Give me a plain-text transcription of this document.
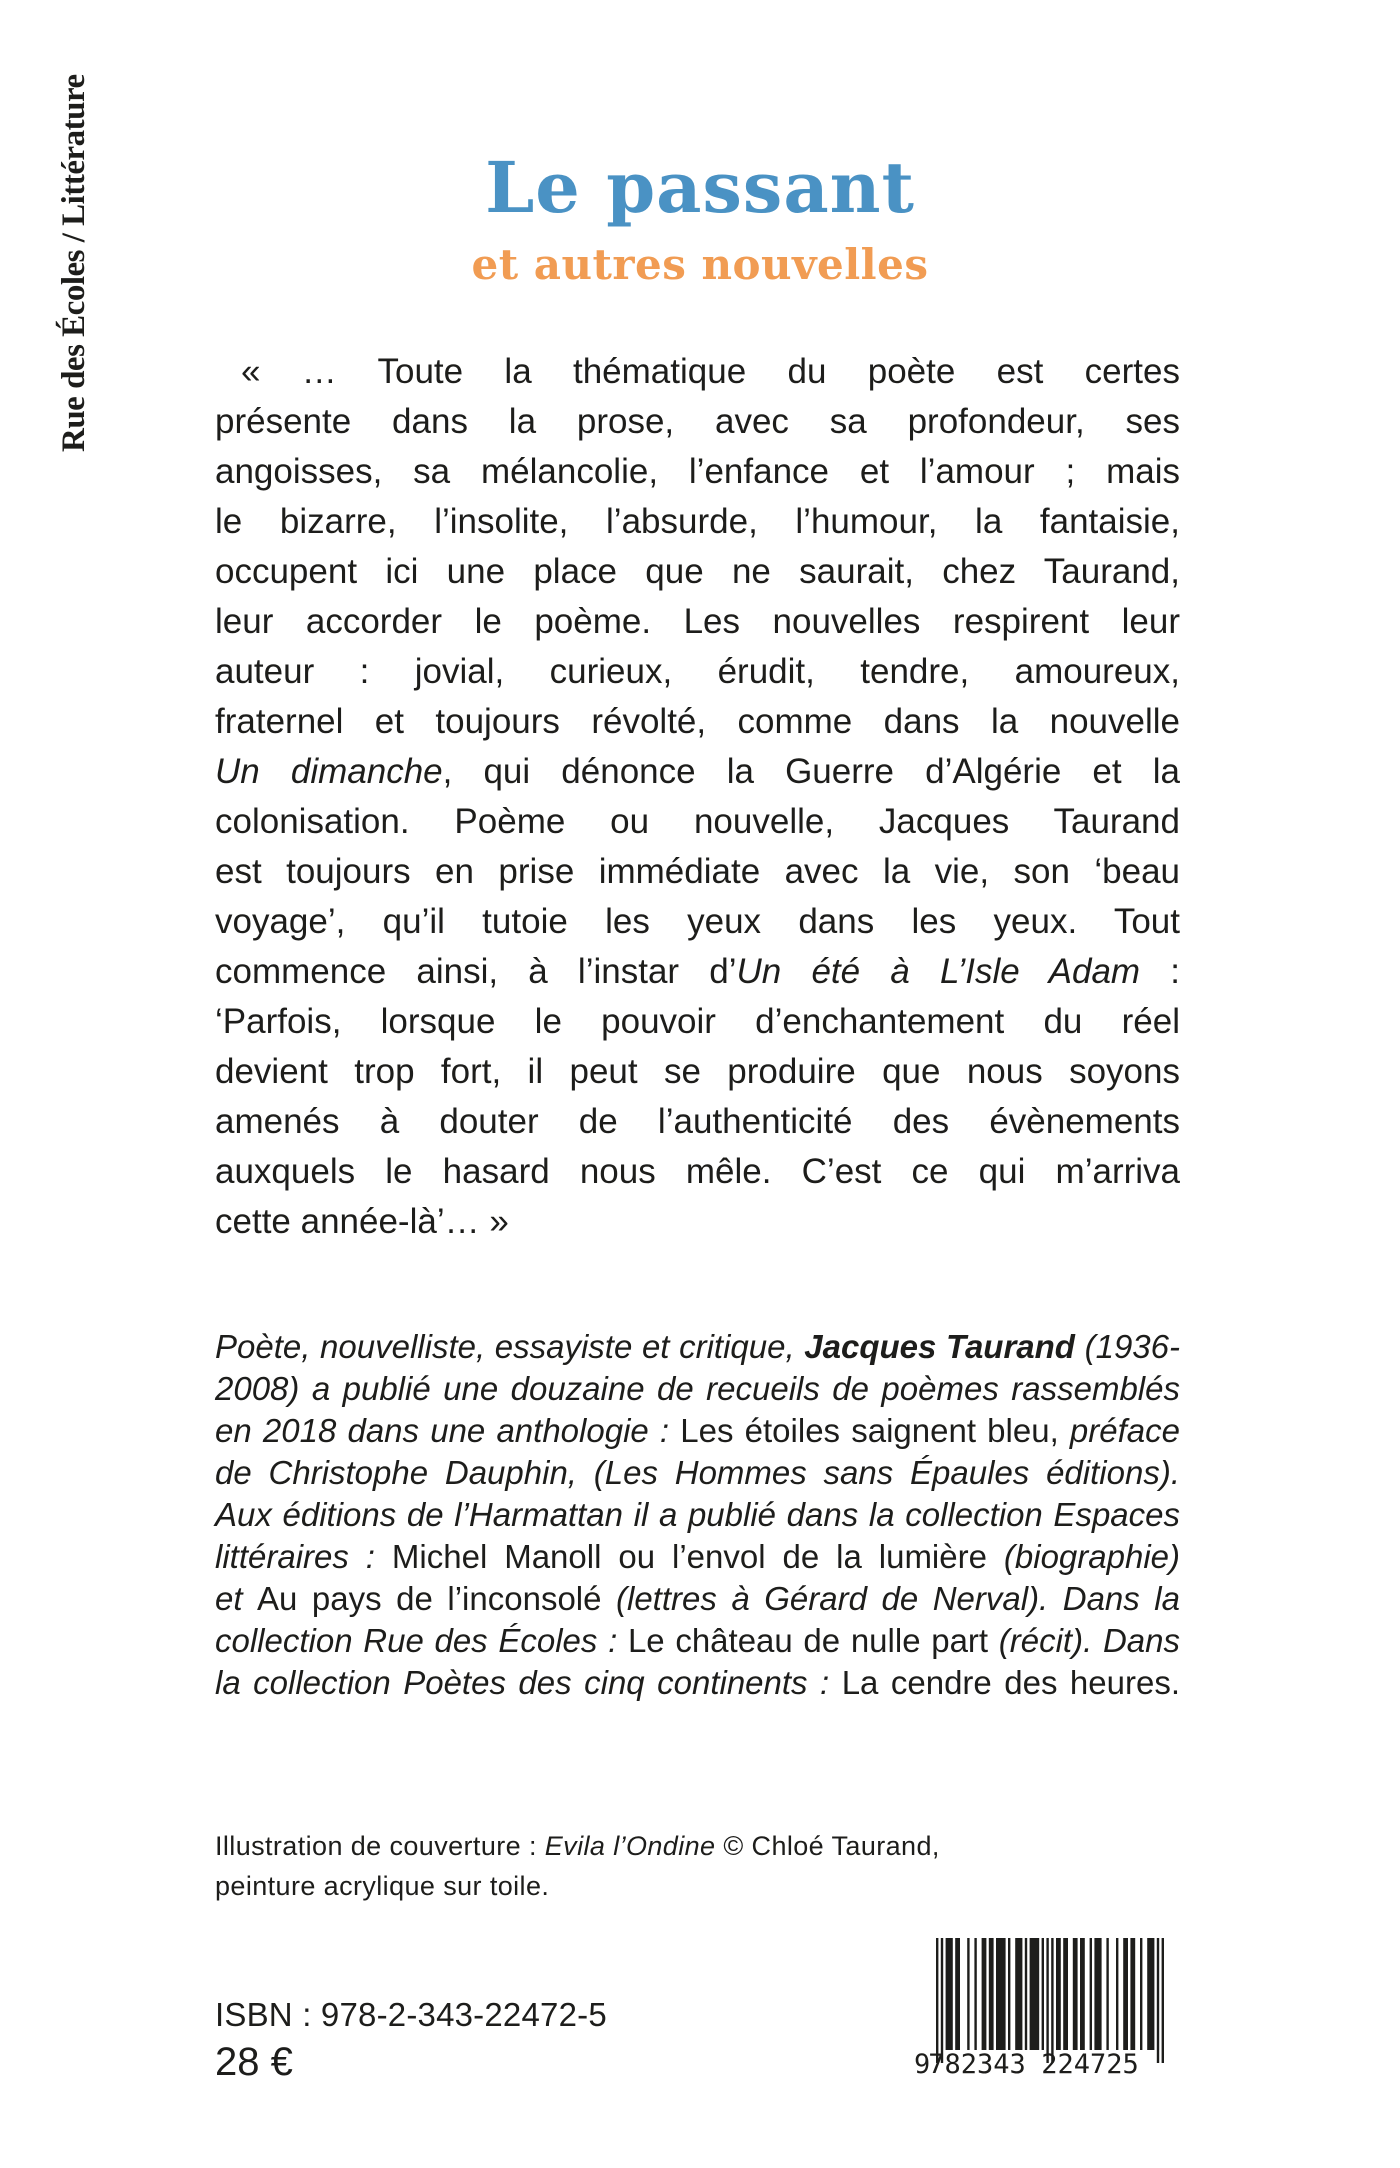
Rue des Écoles / Littérature	Le passant
et autres nouvelles
« … Toute la thématique du poète est certes
présente dans la prose, avec sa profondeur, ses
angoisses, sa mélancolie, l’enfance et l’amour ; mais
le bizarre, l’insolite, l’absurde, l’humour, la fantaisie,
occupent ici une place que ne saurait, chez Taurand,
leur accorder le poème. Les nouvelles respirent leur
auteur : jovial, curieux, érudit, tendre, amoureux,
fraternel et toujours révolté, comme dans la nouvelle
Un dimanche, qui dénonce la Guerre d’Algérie et la
colonisation. Poème ou nouvelle, Jacques Taurand
est toujours en prise immédiate avec la vie, son ‘beau
voyage’, qu’il tutoie les yeux dans les yeux. Tout
commence ainsi, à l’instar d’Un été à L’Isle Adam :
‘Parfois, lorsque le pouvoir d’enchantement du réel
devient trop fort, il peut se produire que nous soyons
amenés à douter de l’authenticité des évènements
auxquels le hasard nous mêle. C’est ce qui m’arriva
cette année-là’… »
Poète, nouvelliste, essayiste et critique, Jacques Taurand (1936-
2008) a publié une douzaine de recueils de poèmes rassemblés
en 2018 dans une anthologie : Les étoiles saignent bleu, préface
de Christophe Dauphin, (Les Hommes sans Épaules éditions).
Aux éditions de l’Harmattan il a publié dans la collection Espaces
littéraires : Michel Manoll ou l’envol de la lumière (biographie)
et Au pays de l’inconsolé (lettres à Gérard de Nerval). Dans la
collection Rue des Écoles : Le château de nulle part (récit). Dans
la collection Poètes des cinq continents : La cendre des heures.
Illustration de couverture : Evila l’Ondine © Chloé Taurand,
peinture acrylique sur toile.
ISBN : 978-2-343-22472-5
28 €	9
782343 224725
